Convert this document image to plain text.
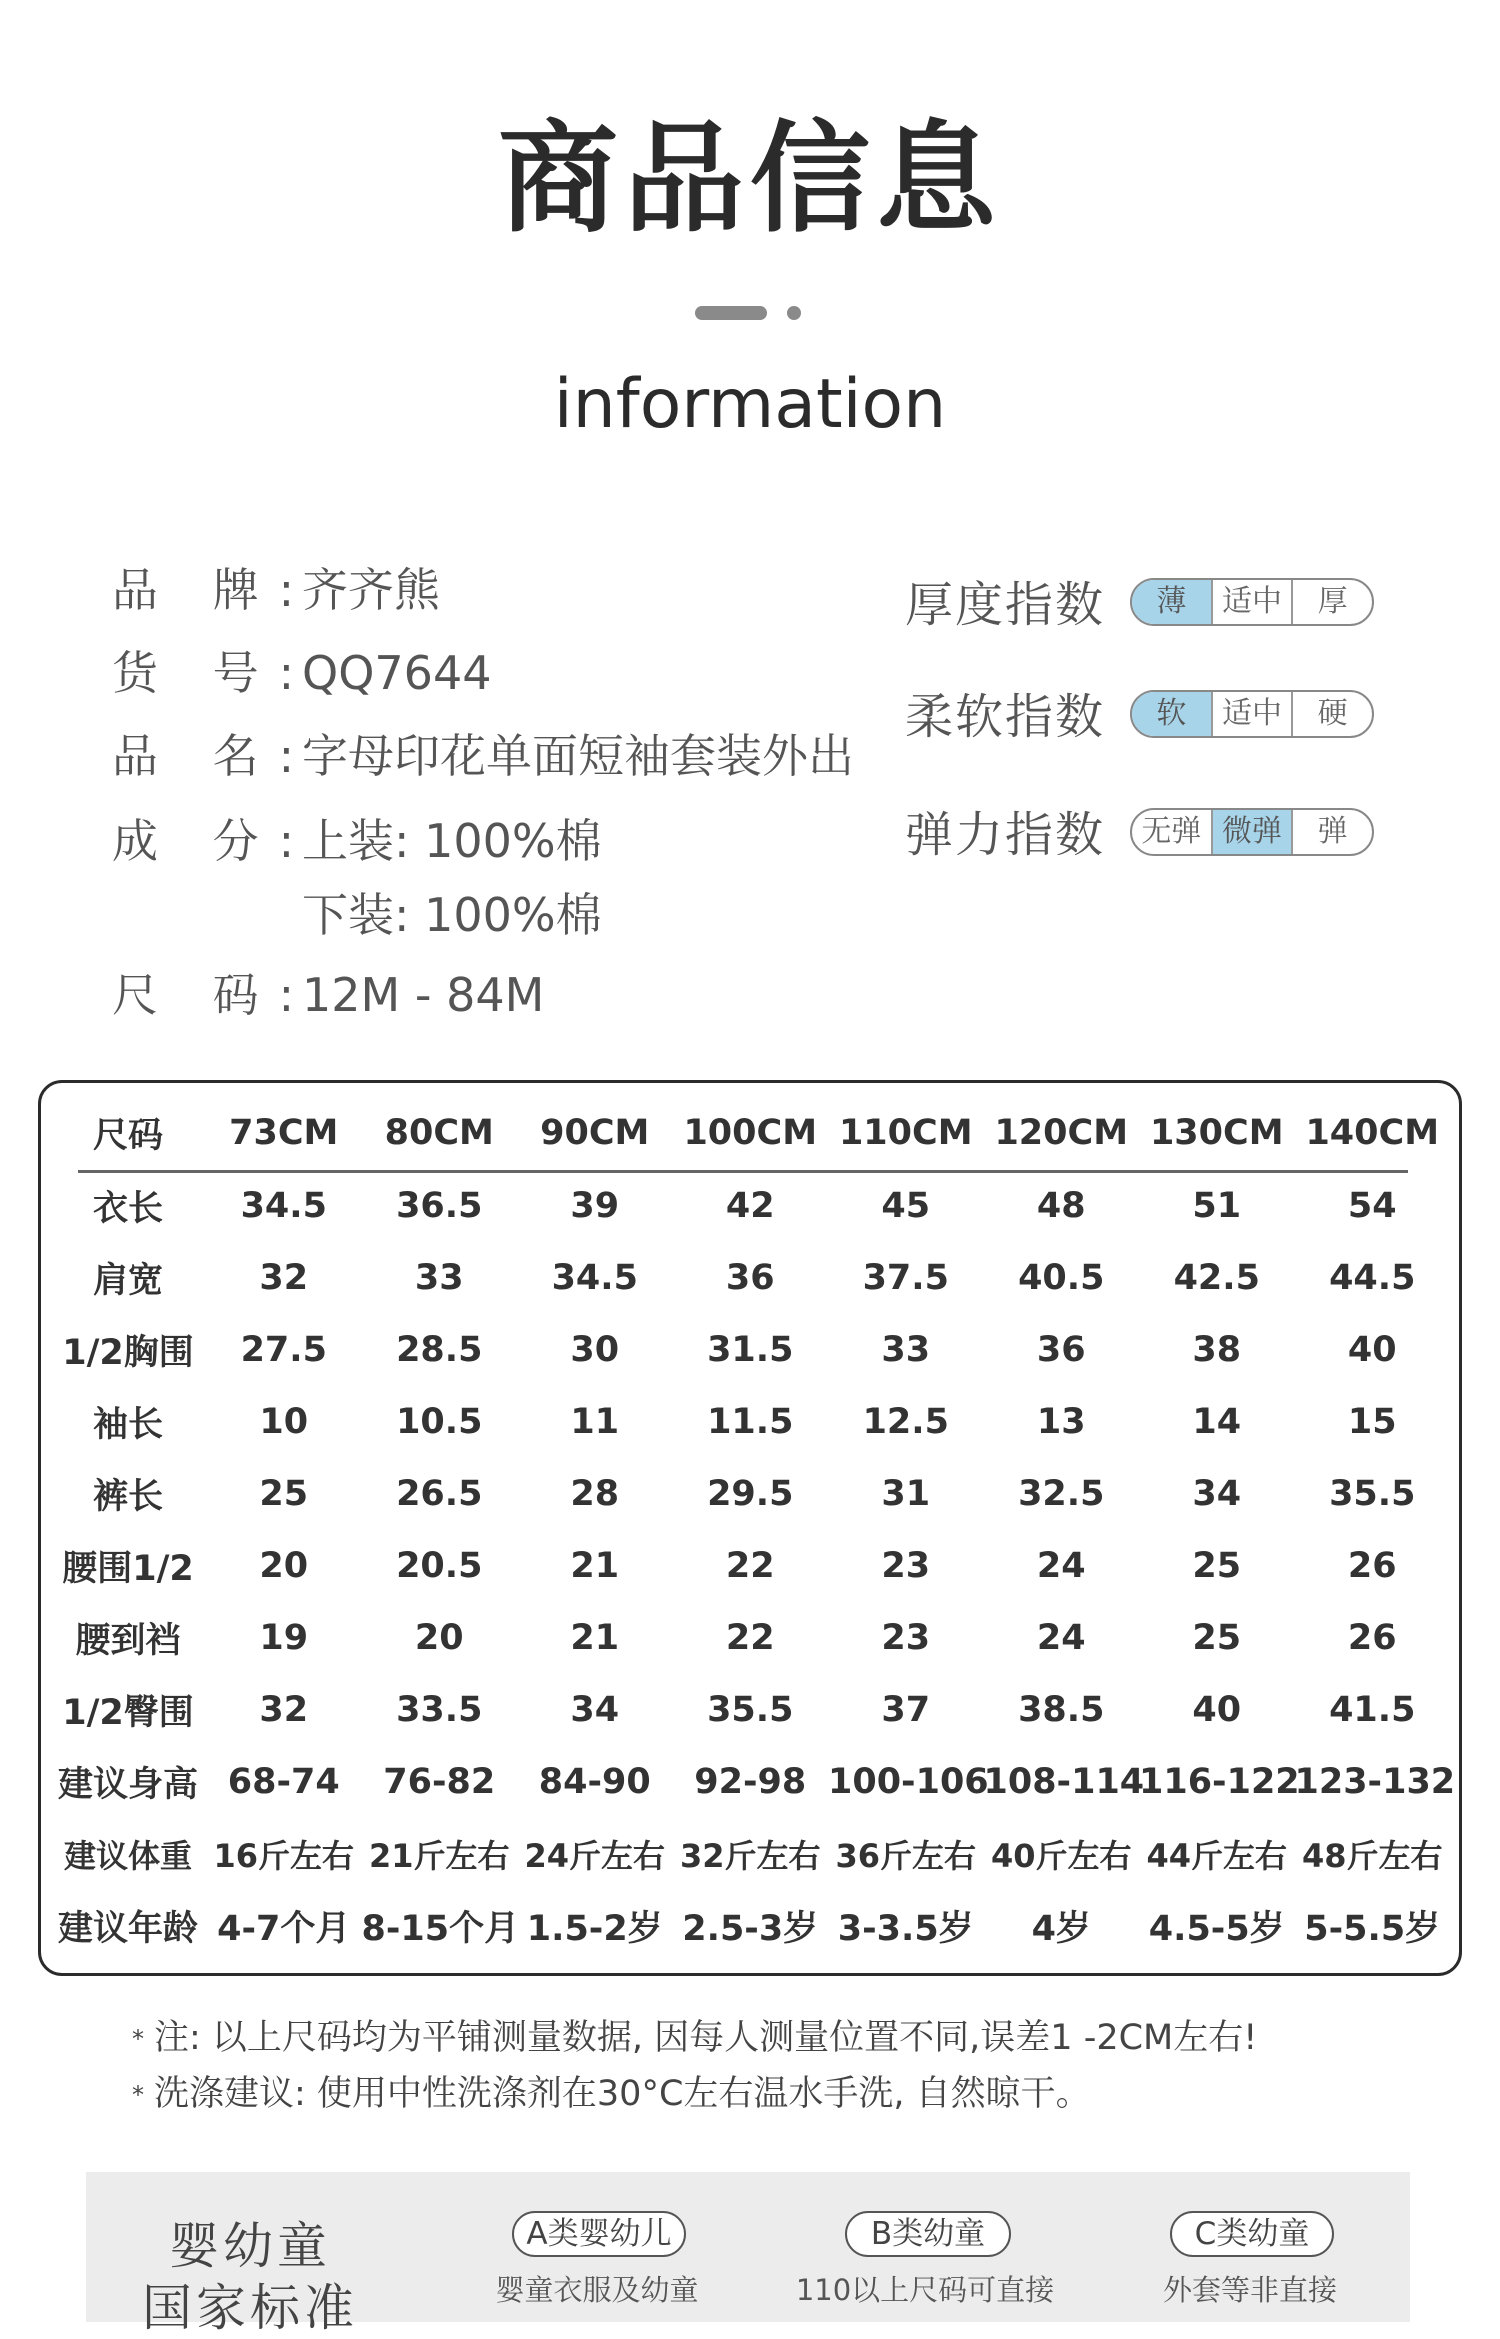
商品信息
information
品 牌:齐齐熊
货 号:QQ7644
品 名:字母印花单面短袖套装外出
成 分:上装: 100%棉
下装: 100%棉
尺 码:12M - 84M
厚度指数	薄	适中	厚
柔软指数	软	适中	硬
弹力指数	无弹 微弹	弹
尺码	73CM	80CM	90CM	100CM	110CM	120CM	130CM	140CM
衣长	34.5	36.5	39	42	45	48	51	54
肩宽	32	33	34.5	36	37.5	40.5	42.5	44.5
1/2胸围	27.5	28.5	30	31.5	33	36	38	40
袖长	10	10.5	11	11.5	12.5	13	14	15
裤长	25	26.5	28	29.5	31	32.5	34	35.5
腰围1/2	20	20.5	21	22	23	24	25	26
腰到裆	19	20	21	22	23	24	25	26
1/2臀围	32	33.5	34	35.5	37	38.5	40	41.5
建议身高	68-74	76-82	84-90	92-98	100-106	108-114	116-122	123-132
建议体重	16斤左右	21斤左右	24斤左右	32斤左右	36斤左右	40斤左右	44斤左右	48斤左右
建议年龄	4-7个月	8-15个月	1.5-2岁	2.5-3岁	3-3.5岁	4岁	4.5-5岁	5-5.5岁
* 注: 以上尺码均为平铺测量数据, 因每人测量位置不同,误差1 -2CM左右!
* 洗涤建议: 使用中性洗涤剂在30°C左右温水手洗, 自然晾干。
婴幼童
国家标准
A类婴幼儿
婴童衣服及幼童
B类幼童
110以上尺码可直接
C类幼童
外套等非直接
